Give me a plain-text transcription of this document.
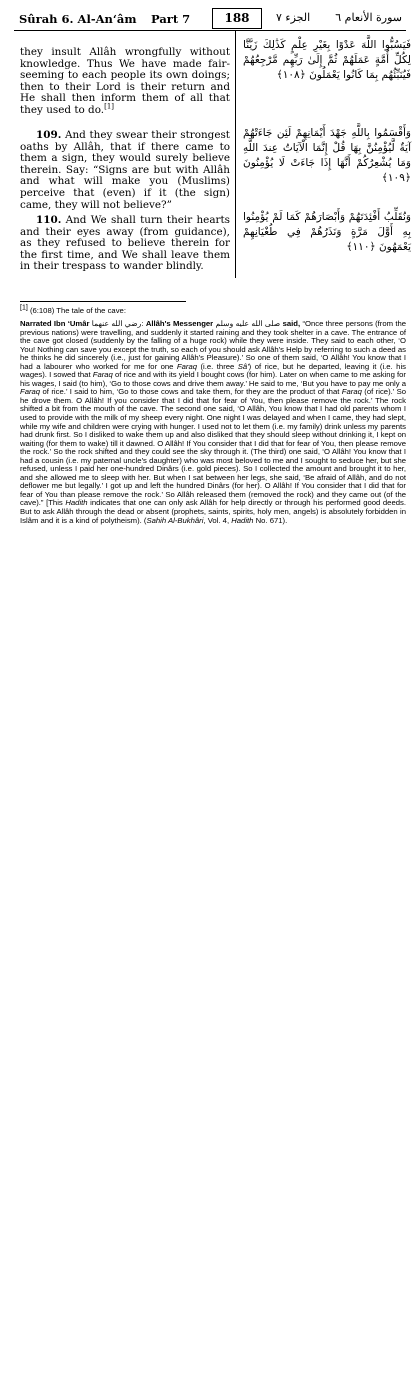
Sûrah 6. Al-An‘âm Part 7	188	الجزء ٧ سورة الأنعام ٦
they insult Allâh wrongfully without knowledge. Thus We have made fair-seeming to each people its own doings; then to their Lord is their return and He shall then inform them of all that they used to do.[1]
فَيَسُبُّوا اللَّهَ عَدْوًا بِغَيْرِ عِلْمٍ كَذَٰلِكَ زَيَّنَّا لِكُلِّ أُمَّةٍ عَمَلَهُمْ ثُمَّ إِلَىٰ رَبِّهِم مَّرْجِعُهُمْ فَيُنَبِّئُهُم بِمَا كَانُوا يَعْمَلُونَ ﴿١٠٨﴾
109. And they swear their strongest oaths by Allâh, that if there came to them a sign, they would surely believe therein. Say: “Signs are but with Allâh and what will make you (Muslims) perceive that (even) if it (the sign) came, they will not believe?”
وَأَقْسَمُوا بِاللَّهِ جَهْدَ أَيْمَانِهِمْ لَئِن جَاءَتْهُمْ آيَةٌ لَّيُؤْمِنُنَّ بِهَا قُلْ إِنَّمَا الْآيَاتُ عِندَ اللَّهِ وَمَا يُشْعِرُكُمْ أَنَّهَا إِذَا جَاءَتْ لَا يُؤْمِنُونَ ﴿١٠٩﴾
110. And We shall turn their hearts and their eyes away (from guidance), as they refused to believe therein for the first time, and We shall leave them in their trespass to wander blindly.
وَنُقَلِّبُ أَفْئِدَتَهُمْ وَأَبْصَارَهُمْ كَمَا لَمْ يُؤْمِنُوا بِهِ أَوَّلَ مَرَّةٍ وَنَذَرُهُمْ فِي طُغْيَانِهِمْ يَعْمَهُونَ ﴿١١٠﴾
[1] (6:108) The tale of the cave:
Narrated Ibn ‘Umâr رضي الله عنهما: Allâh's Messenger صلى الله عليه وسلم said, “Once three persons (from the previous nations) were travelling, and suddenly it started raining and they took shelter in a cave. The entrance of the cave got closed (suddenly by the falling of a huge rock) while they were inside. They said to each other, ‘O You! Nothing can save you except the truth, so each of you should ask Allâh's Help by referring to such a deed as he thinks he did sincerely (i.e., just for gaining Allâh's Pleasure).’ So one of them said, ‘O Allâh! You know that I had a labourer who worked for me for one Faraq (i.e. three Sâ') of rice, but he departed, leaving it (i.e. his wages). I sowed that Faraq of rice and with its yield I bought cows (for him). Later on when came to me asking for his wages, I said (to him), ‘Go to those cows and drive them away.’ He said to me, ‘But you have to pay me only a Faraq of rice.’ I said to him, ‘Go to those cows and take them, for they are the product of that Faraq (of rice).’ So he drove them. O Allâh! If you consider that I did that for fear of You, then please remove the rock.’ The rock shifted a bit from the mouth of the cave. The second one said, ‘O Allâh, You know that I had old parents whom I used to provide with the milk of my sheep every night. One night I was delayed and when I came, they had slept, while my wife and children were crying with hunger. I used not to let them (i.e. my family) drink unless my parents had drunk first. So I disliked to wake them up and also disliked that they should sleep without drinking it, I kept on waiting (for them to wake) till it dawned. O Allâh! If You consider that I did that for fear of You, then please remove the rock.’ So the rock shifted and they could see the sky through it. (The third) one said, ‘O Allâh! You know that I had a cousin (i.e. my paternal uncle's daughter) who was most beloved to me and I sought to seduce her, but she refused, unless I paid her one-hundred Dinârs (i.e. gold pieces). So I collected the amount and brought it to her, and she allowed me to sleep with her. But when I sat between her legs, she said, ‘Be afraid of Allâh, and do not deflower me but legally.’ I got up and left the hundred Dinârs (for her). O Allâh! If You consider that I did that for fear of You than please remove the rock.’ So Allâh released them (removed the rock) and they came out (of the cave).” [This Hadith indicates that one can only ask Allâh for help directly or through his performed good deeds. But to ask Allâh through the dead or absent (prophets, saints, spirits, holy men, angels) is absolutely forbidden in Islâm and it is a kind of polytheism). (Sahih Al-Bukhâri, Vol. 4, Hadith No. 671).
